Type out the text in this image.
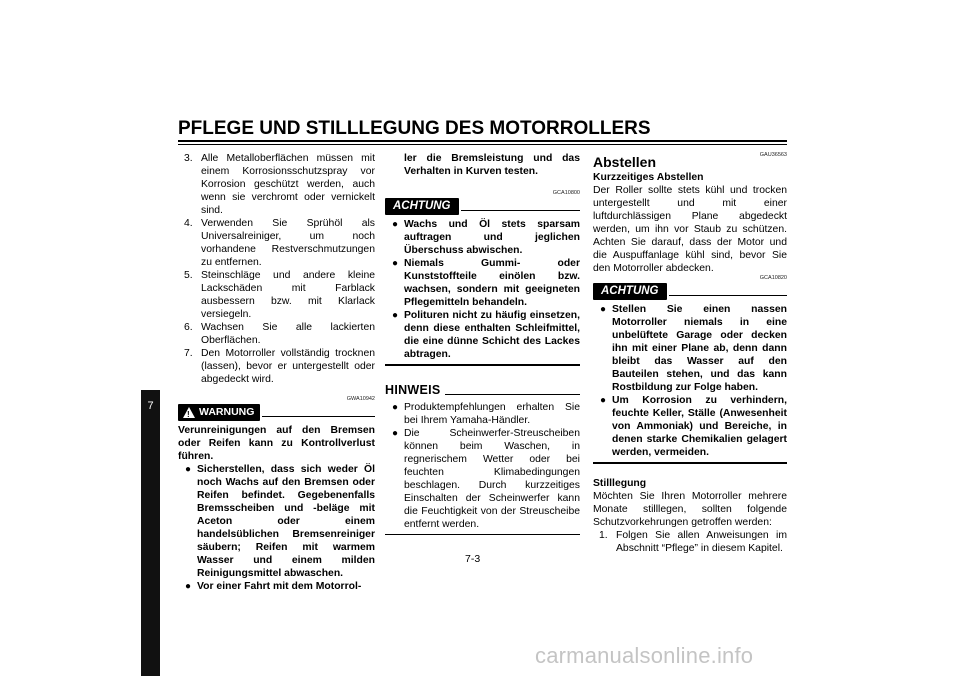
PFLEGE UND STILLLEGUNG DES MOTORROLLERS
7
3. Alle Metalloberflächen müssen mit einem Korrosionsschutzspray vor Korrosion geschützt werden, auch wenn sie verchromt oder vernickelt sind.
4. Verwenden Sie Sprühöl als Universalreiniger, um noch vorhandene Restverschmutzungen zu entfernen.
5. Steinschläge und andere kleine Lackschäden mit Farblack ausbessern bzw. mit Klarlack versiegeln.
6. Wachsen Sie alle lackierten Oberflächen.
7. Den Motorroller vollständig trocknen (lassen), bevor er untergestellt oder abgedeckt wird.
GWA10942
! WARNUNG
Verunreinigungen auf den Bremsen oder Reifen kann zu Kontrollverlust führen.
● Sicherstellen, dass sich weder Öl noch Wachs auf den Bremsen oder Reifen befindet. Gegebenenfalls Bremsscheiben und -beläge mit Aceton oder einem handelsüblichen Bremsenreiniger säubern; Reifen mit warmem Wasser und einem milden Reinigungsmittel abwaschen.
● Vor einer Fahrt mit dem Motorrol-
ler die Bremsleistung und das Verhalten in Kurven testen.
GCA10800
ACHTUNG
● Wachs und Öl stets sparsam auftragen und jeglichen Überschuss abwischen.
● Niemals Gummi- oder Kunststoffteile einölen bzw. wachsen, sondern mit geeigneten Pflegemitteln behandeln.
● Polituren nicht zu häufig einsetzen, denn diese enthalten Schleifmittel, die eine dünne Schicht des Lackes abtragen.
HINWEIS
● Produktempfehlungen erhalten Sie bei Ihrem Yamaha-Händler.
● Die Scheinwerfer-Streuscheiben können beim Waschen, in regnerischem Wetter oder bei feuchten Klimabedingungen beschlagen. Durch kurzzeitiges Einschalten der Scheinwerfer kann die Feuchtigkeit von der Streuscheibe entfernt werden.
GAU36563
Abstellen
Kurzzeitiges Abstellen
Der Roller sollte stets kühl und trocken untergestellt und mit einer luftdurchlässigen Plane abgedeckt werden, um ihn vor Staub zu schützen. Achten Sie darauf, dass der Motor und die Auspuffanlage kühl sind, bevor Sie den Motorroller abdecken.
GCA10820
ACHTUNG
● Stellen Sie einen nassen Motorroller niemals in eine unbelüftete Garage oder decken ihn mit einer Plane ab, denn dann bleibt das Wasser auf den Bauteilen stehen, und das kann Rostbildung zur Folge haben.
● Um Korrosion zu verhindern, feuchte Keller, Ställe (Anwesenheit von Ammoniak) und Bereiche, in denen starke Chemikalien gelagert werden, vermeiden.
Stilllegung
Möchten Sie Ihren Motorroller mehrere Monate stilllegen, sollten folgende Schutzvorkehrungen getroffen werden:
1. Folgen Sie allen Anweisungen im Abschnitt “Pflege” in diesem Kapitel.
7-3
carmanualsonline.info
